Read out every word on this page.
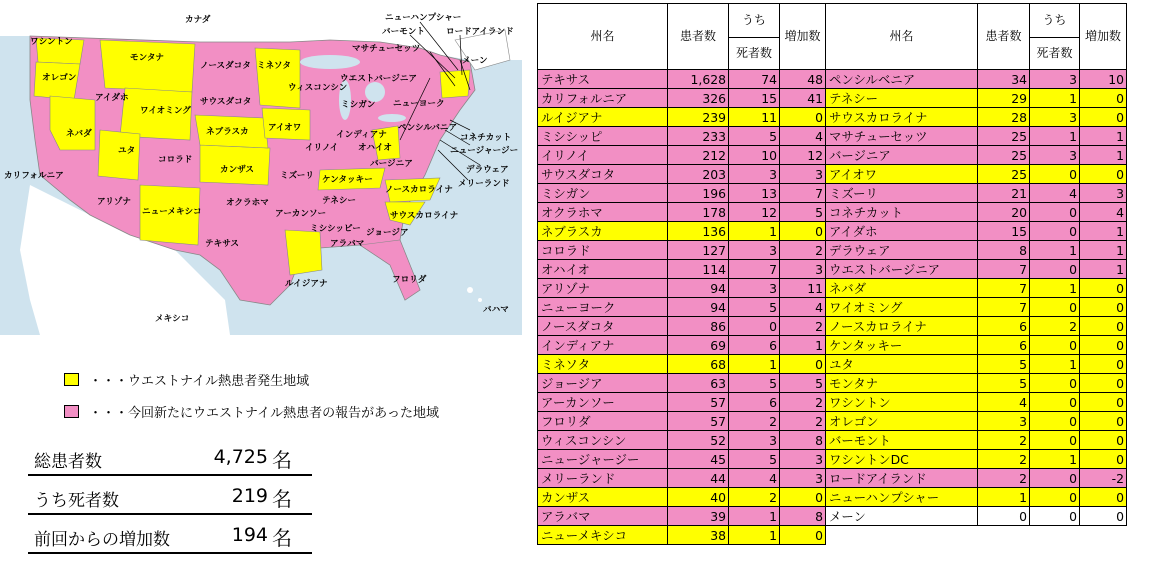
カナダ
メキシコ
バハマ
ワシントン
オレゴン
カリフォルニア
モンタナ
アイダホ
ワイオミング
ネバダ
ユタ
アリゾナ
コロラド
ニューメキシコ
ノースダコタ
サウスダコタ
ネブラスカ
カンザス
オクラホマ
テキサス
ミネソタ
アイオワ
ミズーリ
アーカンソー
ルイジアナ
ウィスコンシン
イリノイ
ミシガン
インディアナ
オハイオ
ケンタッキー
テネシー
ミシシッピー
アラバマ
ジョージア
フロリダ
サウスカロライナ
ノースカロライナ
バージニア
ウエストバージニア
ペンシルバニア
ニューヨーク
バーモント
ニューハンプシャー
マサチューセッツ
ロードアイランド
メーン
コネチカット
ニュージャージー
デラウェア
メリーランド
・・・ウエストナイル熱患者発生地域
・・・今回新たにウエストナイル熱患者の報告があった地域
総患者数	4,725 名
うち死者数	219 名
前回からの増加数	194 名
州名	患者数	うち	増加数	州名	患者数	うち	増加数
		死者数				死者数	
テキサス	1,628	74	48	ペンシルベニア	34	3	10
カリフォルニア	326	15	41	テネシー	29	1	0
ルイジアナ	239	11	0	サウスカロライナ	28	3	0
ミシシッピ	233	5	4	マサチューセッツ	25	1	1
イリノイ	212	10	12	バージニア	25	3	1
サウスダコタ	203	3	3	アイオワ	25	0	0
ミシガン	196	13	7	ミズーリ	21	4	3
オクラホマ	178	12	5	コネチカット	20	0	4
ネブラスカ	136	1	0	アイダホ	15	0	1
コロラド	127	3	2	デラウェア	8	1	1
オハイオ	114	7	3	ウエストバージニア	7	0	1
アリゾナ	94	3	11	ネバダ	7	1	0
ニューヨーク	94	5	4	ワイオミング	7	0	0
ノースダコタ	86	0	2	ノースカロライナ	6	2	0
インディアナ	69	6	1	ケンタッキー	6	0	0
ミネソタ	68	1	0	ユタ	5	1	0
ジョージア	63	5	5	モンタナ	5	0	0
アーカンソー	57	6	2	ワシントン	4	0	0
フロリダ	57	2	2	オレゴン	3	0	0
ウィスコンシン	52	3	8	バーモント	2	0	0
ニュージャージー	45	5	3	ワシントンDC	2	1	0
メリーランド	44	4	3	ロードアイランド	2	0	-2
カンザス	40	2	0	ニューハンプシャー	1	0	0
アラバマ	39	1	8	メーン	0	0	0
ニューメキシコ	38	1	0				
